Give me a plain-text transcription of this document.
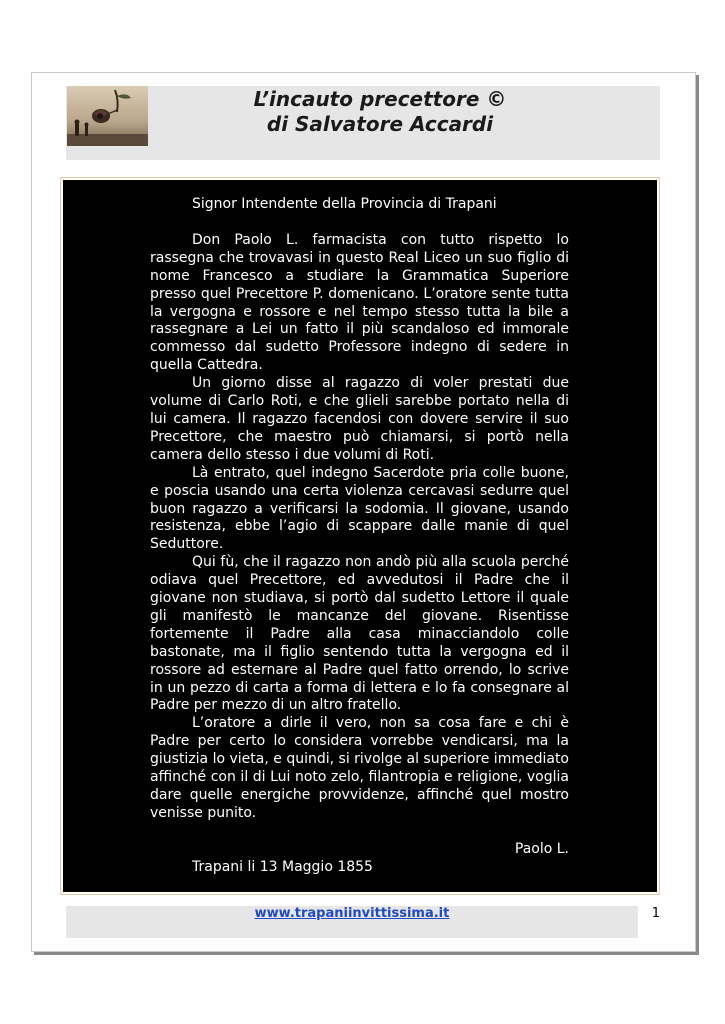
L’incauto precettore ©
di Salvatore Accardi

Signor Intendente della Provincia di Trapani

Don Paolo L. farmacista con tutto rispetto lo rassegna che trovavasi in questo Real Liceo un suo figlio di nome Francesco a studiare la Grammatica Superiore presso quel Precettore P. domenicano. L’oratore sente tutta la vergogna e rossore e nel tempo stesso tutta la bile a rassegnare a Lei un fatto il più scandaloso ed immorale commesso dal sudetto Professore indegno di sedere in quella Cattedra.

Un giorno disse al ragazzo di voler prestati due volume di Carlo Roti, e che glieli sarebbe portato nella di lui camera. Il ragazzo facendosi con dovere servire il suo Precettore, che maestro può chiamarsi, si portò nella camera dello stesso i due volumi di Roti.

Là entrato, quel indegno Sacerdote pria colle buone, e poscia usando una certa violenza cercavasi sedurre quel buon ragazzo a verificarsi la sodomia. Il giovane, usando resistenza, ebbe l’agio di scappare dalle manie di quel Seduttore.

Qui fù, che il ragazzo non andò più alla scuola perché odiava quel Precettore, ed avvedutosi il Padre che il giovane non studiava, si portò dal sudetto Lettore il quale gli manifestò le mancanze del giovane. Risentisse fortemente il Padre alla casa minacciandolo colle bastonate, ma il figlio sentendo tutta la vergogna ed il rossore ad esternare al Padre quel fatto orrendo, lo scrive in un pezzo di carta a forma di lettera e lo fa consegnare al Padre per mezzo di un altro fratello.

L’oratore a dirle il vero, non sa cosa fare e chi è Padre per certo lo considera vorrebbe vendicarsi, ma la giustizia lo vieta, e quindi, si rivolge al superiore immediato affinché con il di Lui noto zelo, filantropia e religione, voglia dare quelle energiche provvidenze, affinché quel mostro venisse punito.

Paolo L.

Trapani li 13 Maggio 1855

www.trapaniinvittissima.it	1
